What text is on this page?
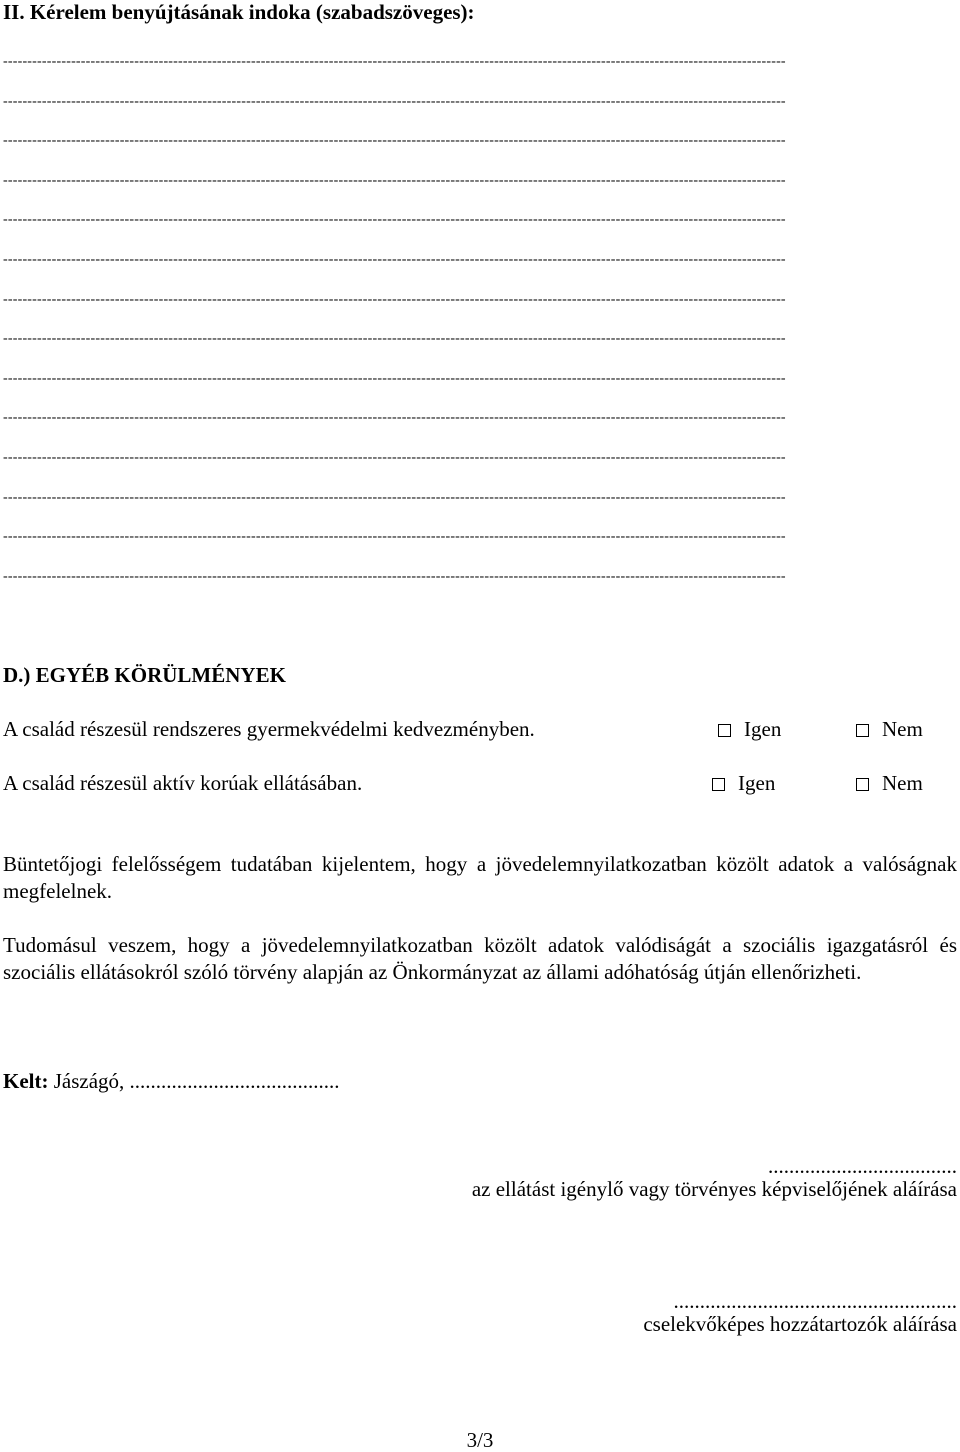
II. Kérelem benyújtásának indoka (szabadszöveges):
-----------------------------------------------------------------------------------------------------------------------------------------------------------------
-----------------------------------------------------------------------------------------------------------------------------------------------------------------
-----------------------------------------------------------------------------------------------------------------------------------------------------------------
-----------------------------------------------------------------------------------------------------------------------------------------------------------------
-----------------------------------------------------------------------------------------------------------------------------------------------------------------
-----------------------------------------------------------------------------------------------------------------------------------------------------------------
-----------------------------------------------------------------------------------------------------------------------------------------------------------------
-----------------------------------------------------------------------------------------------------------------------------------------------------------------
-----------------------------------------------------------------------------------------------------------------------------------------------------------------
-----------------------------------------------------------------------------------------------------------------------------------------------------------------
-----------------------------------------------------------------------------------------------------------------------------------------------------------------
-----------------------------------------------------------------------------------------------------------------------------------------------------------------
-----------------------------------------------------------------------------------------------------------------------------------------------------------------
-----------------------------------------------------------------------------------------------------------------------------------------------------------------
D.) EGYÉB KÖRÜLMÉNYEK
A család részesül rendszeres gyermekvédelmi kedvezményben.	Igen	Nem
A család részesül aktív korúak ellátásában.	Igen	Nem
Büntetőjogi felelősségem tudatában kijelentem, hogy a jövedelemnyilatkozatban közölt adatok a valóságnak megfelelnek.
Tudomásul veszem, hogy a jövedelemnyilatkozatban közölt adatok valódiságát a szociális igazgatásról és szociális ellátásokról szóló törvény alapján az Önkormányzat az állami adóhatóság útján ellenőrizheti.
Kelt: Jászágó, ........................................
....................................
az ellátást igénylő vagy törvényes képviselőjének aláírása
......................................................
cselekvőképes hozzátartozók aláírása
3/3
